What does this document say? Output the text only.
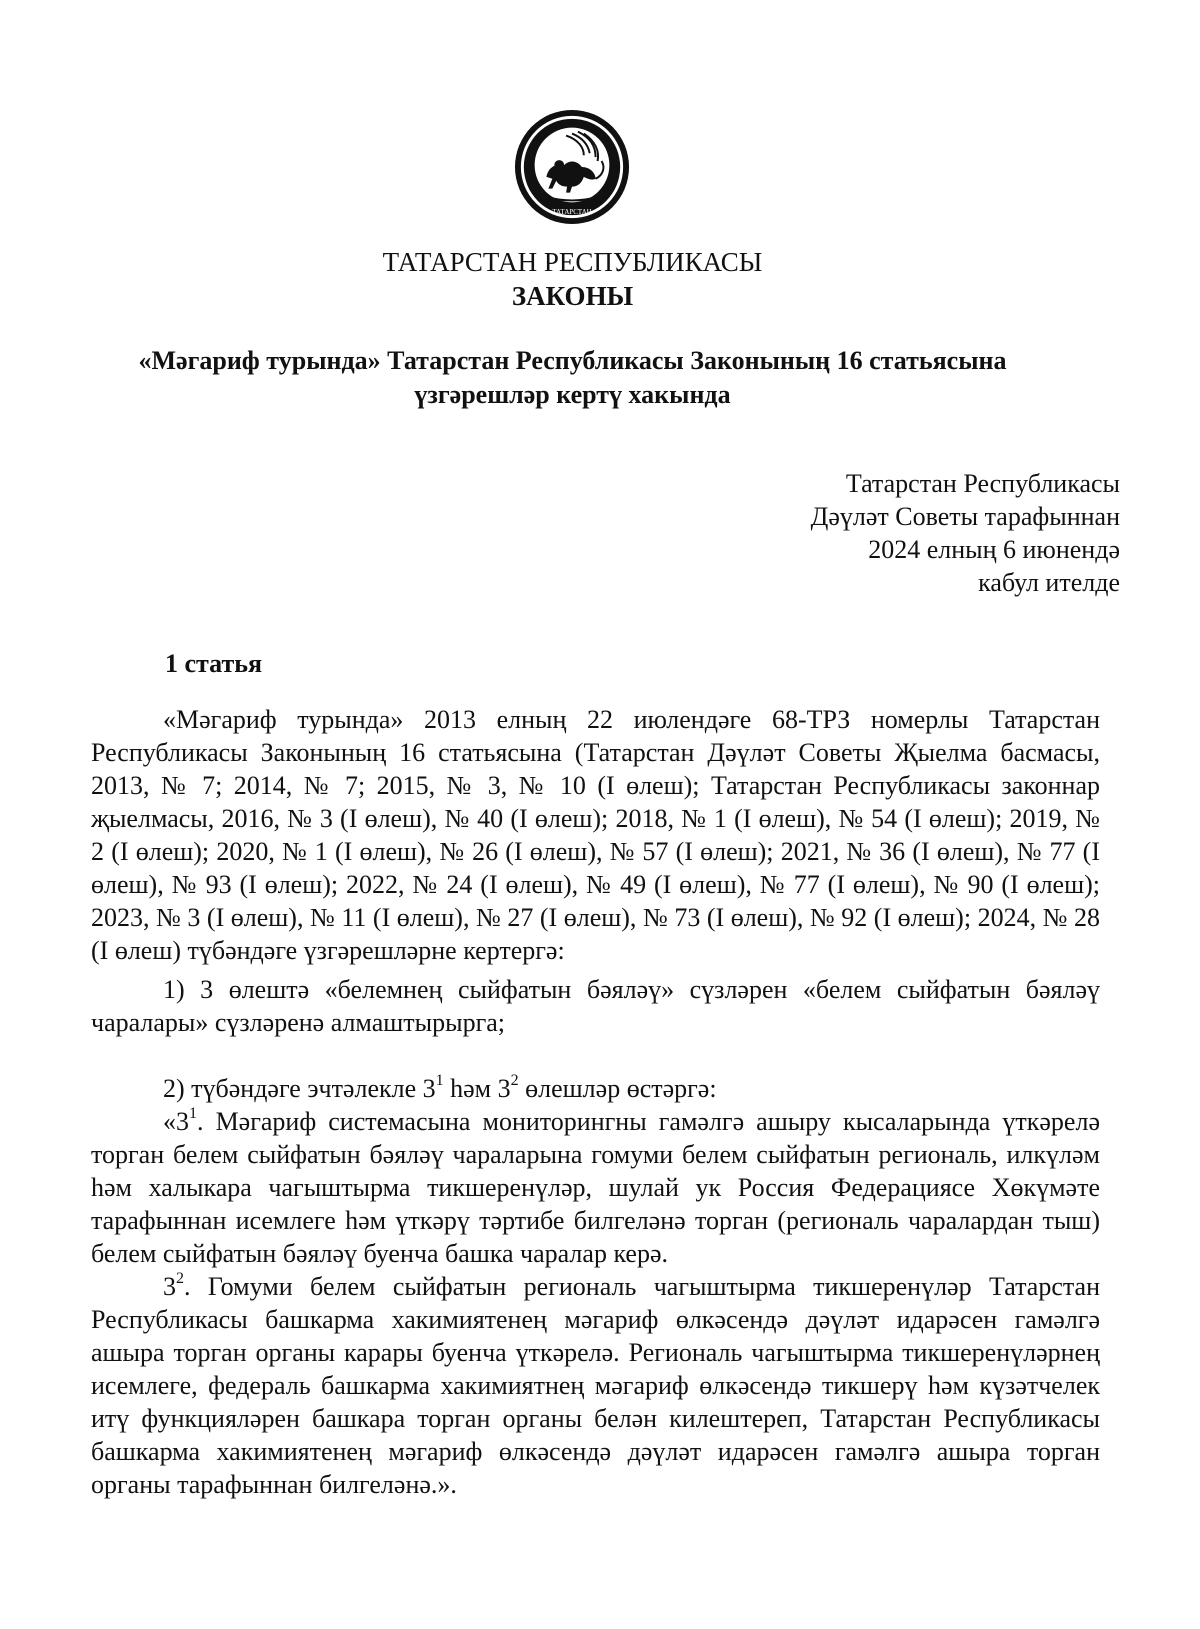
ТАТАРСТАН
ТАТАРСТАН РЕСПУБЛИКАСЫ
ЗАКОНЫ
«Мәгариф турында» Татарстан Республикасы Законының 16 статьясына
үзгәрешләр кертү хакында
Татарстан Республикасы
Дәүләт Советы тарафыннан
2024 елның 6 июнендә
кабул ителде
1 статья

«Мәгариф турында» 2013 елның 22 июлендәге 68-ТРЗ номерлы Татарстан Республикасы Законының 16 статьясына (Татарстан Дәүләт Советы Җыелма басмасы, 2013, № 7; 2014, № 7; 2015, № 3, № 10 (I өлеш); Татарстан Республикасы законнар җыелмасы, 2016, № 3 (I өлеш), № 40 (I өлеш); 2018, № 1 (I өлеш), № 54 (I өлеш); 2019, № 2 (I өлеш); 2020, № 1 (I өлеш), № 26 (I өлеш), № 57 (I өлеш); 2021, № 36 (I өлеш), № 77 (I өлеш), № 93 (I өлеш); 2022, № 24 (I өлеш), № 49 (I өлеш), № 77 (I өлеш), № 90 (I өлеш); 2023, № 3 (I өлеш), № 11 (I өлеш), № 27 (I өлеш), № 73 (I өлеш), № 92 (I өлеш); 2024, № 28 (I өлеш) түбәндәге үзгәрешләрне кертергә:

1) 3 өлештә «белемнең сыйфатын бәяләү» сүзләрен «белем сыйфатын бәяләү чаралары» сүзләренә алмаштырырга;

2) түбәндәге эчтәлекле $3^1$ һәм $3^2$ өлешләр өстәргә:

«$3^1$. Мәгариф системасына мониторингны гамәлгә ашыру кысаларында үткәрелә торган белем сыйфатын бәяләү чараларына гомуми белем сыйфатын региональ, илкүләм һәм халыкара чагыштырма тикшеренүләр, шулай ук Россия Федерациясе Хөкүмәте тарафыннан исемлеге һәм үткәрү тәртибе билгеләнә торган (региональ чаралардан тыш) белем сыйфатын бәяләү буенча башка чаралар керә.

$3^2$. Гомуми белем сыйфатын региональ чагыштырма тикшеренүләр Татарстан Республикасы башкарма хакимиятенең мәгариф өлкәсендә дәүләт идарәсен гамәлгә ашыра торган органы карары буенча үткәрелә. Региональ чагыштырма тикшеренүләрнең исемлеге, федераль башкарма хакимиятнең мәгариф өлкәсендә тикшерү һәм күзәтчелек итү функцияләрен башкара торган органы белән килештереп, Татарстан Республикасы башкарма хакимиятенең мәгариф өлкәсендә дәүләт идарәсен гамәлгә ашыра торган органы тарафыннан билгеләнә.».
